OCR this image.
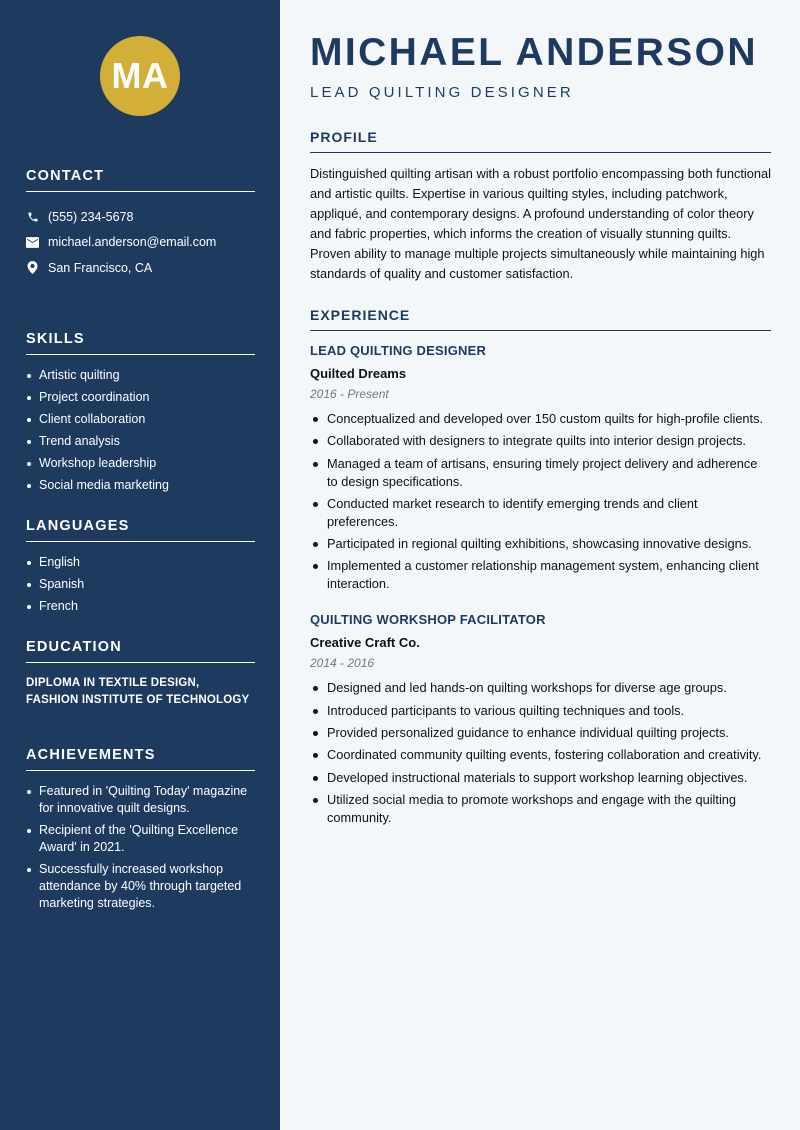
MA
CONTACT
(555) 234-5678
michael.anderson@email.com
San Francisco, CA
SKILLS
Artistic quilting
Project coordination
Client collaboration
Trend analysis
Workshop leadership
Social media marketing
LANGUAGES
English
Spanish
French
EDUCATION
DIPLOMA IN TEXTILE DESIGN, FASHION INSTITUTE OF TECHNOLOGY
ACHIEVEMENTS
Featured in 'Quilting Today' magazine for innovative quilt designs.
Recipient of the 'Quilting Excellence Award' in 2021.
Successfully increased workshop attendance by 40% through targeted marketing strategies.
MICHAEL ANDERSON
LEAD QUILTING DESIGNER
PROFILE

Distinguished quilting artisan with a robust portfolio encompassing both functional and artistic quilts. Expertise in various quilting styles, including patchwork, appliqué, and contemporary designs. A profound understanding of color theory and fabric properties, which informs the creation of visually stunning quilts. Proven ability to manage multiple projects simultaneously while maintaining high standards of quality and customer satisfaction.

EXPERIENCE
LEAD QUILTING DESIGNER
Quilted Dreams
2016 - Present
Conceptualized and developed over 150 custom quilts for high-profile clients.
Collaborated with designers to integrate quilts into interior design projects.
Managed a team of artisans, ensuring timely project delivery and adherence to design specifications.
Conducted market research to identify emerging trends and client preferences.
Participated in regional quilting exhibitions, showcasing innovative designs.
Implemented a customer relationship management system, enhancing client interaction.
QUILTING WORKSHOP FACILITATOR
Creative Craft Co.
2014 - 2016
Designed and led hands-on quilting workshops for diverse age groups.
Introduced participants to various quilting techniques and tools.
Provided personalized guidance to enhance individual quilting projects.
Coordinated community quilting events, fostering collaboration and creativity.
Developed instructional materials to support workshop learning objectives.
Utilized social media to promote workshops and engage with the quilting community.
